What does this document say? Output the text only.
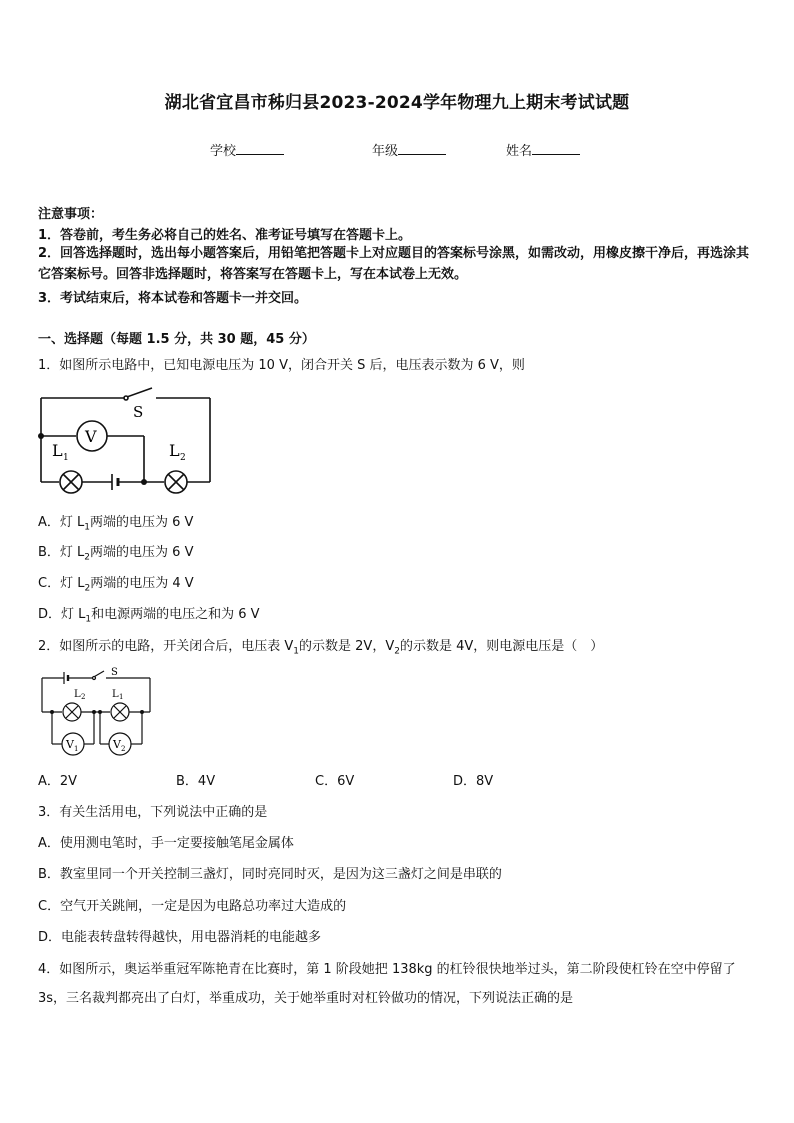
湖北省宜昌市秭归县2023-2024学年物理九上期末考试试题
学校	年级	姓名
注意事项：
1．答卷前，考生务必将自己的姓名、准考证号填写在答题卡上。
2．回答选择题时，选出每小题答案后，用铅笔把答题卡上对应题目的答案标号涂黑，如需改动，用橡皮擦干净后，再选涂其它答案标号。回答非选择题时，将答案写在答题卡上，写在本试卷上无效。
3．考试结束后，将本试卷和答题卡一并交回。
一、选择题（每题 1.5 分，共 30 题，45 分）
1．如图所示电路中，已知电源电压为 10 V，闭合开关 S 后，电压表示数为 6 V，则
S
V
L 1	L 2
A．灯 $L_1$两端的电压为 6 V
B．灯 $L_2$两端的电压为 6 V
C．灯 $L_2$两端的电压为 4 V
D．灯 $L_1$和电源两端的电压之和为 6 V
2．如图所示的电路，开关闭合后，电压表 $V_1$的示数是 2V，$V_2$的示数是 4V，则电源电压是（　）
S
L 2	L 1
V 1	V 2
A．2V	B．4V	C．6V	D．8V
3．有关生活用电，下列说法中正确的是
A．使用测电笔时，手一定要接触笔尾金属体
B．教室里同一个开关控制三盏灯，同时亮同时灭，是因为这三盏灯之间是串联的
C．空气开关跳闸，一定是因为电路总功率过大造成的
D．电能表转盘转得越快，用电器消耗的电能越多
4．如图所示，奥运举重冠军陈艳青在比赛时，第 1 阶段她把 138kg 的杠铃很快地举过头，第二阶段使杠铃在空中停留了 3s，三名裁判都亮出了白灯，举重成功，关于她举重时对杠铃做功的情况，下列说法正确的是
